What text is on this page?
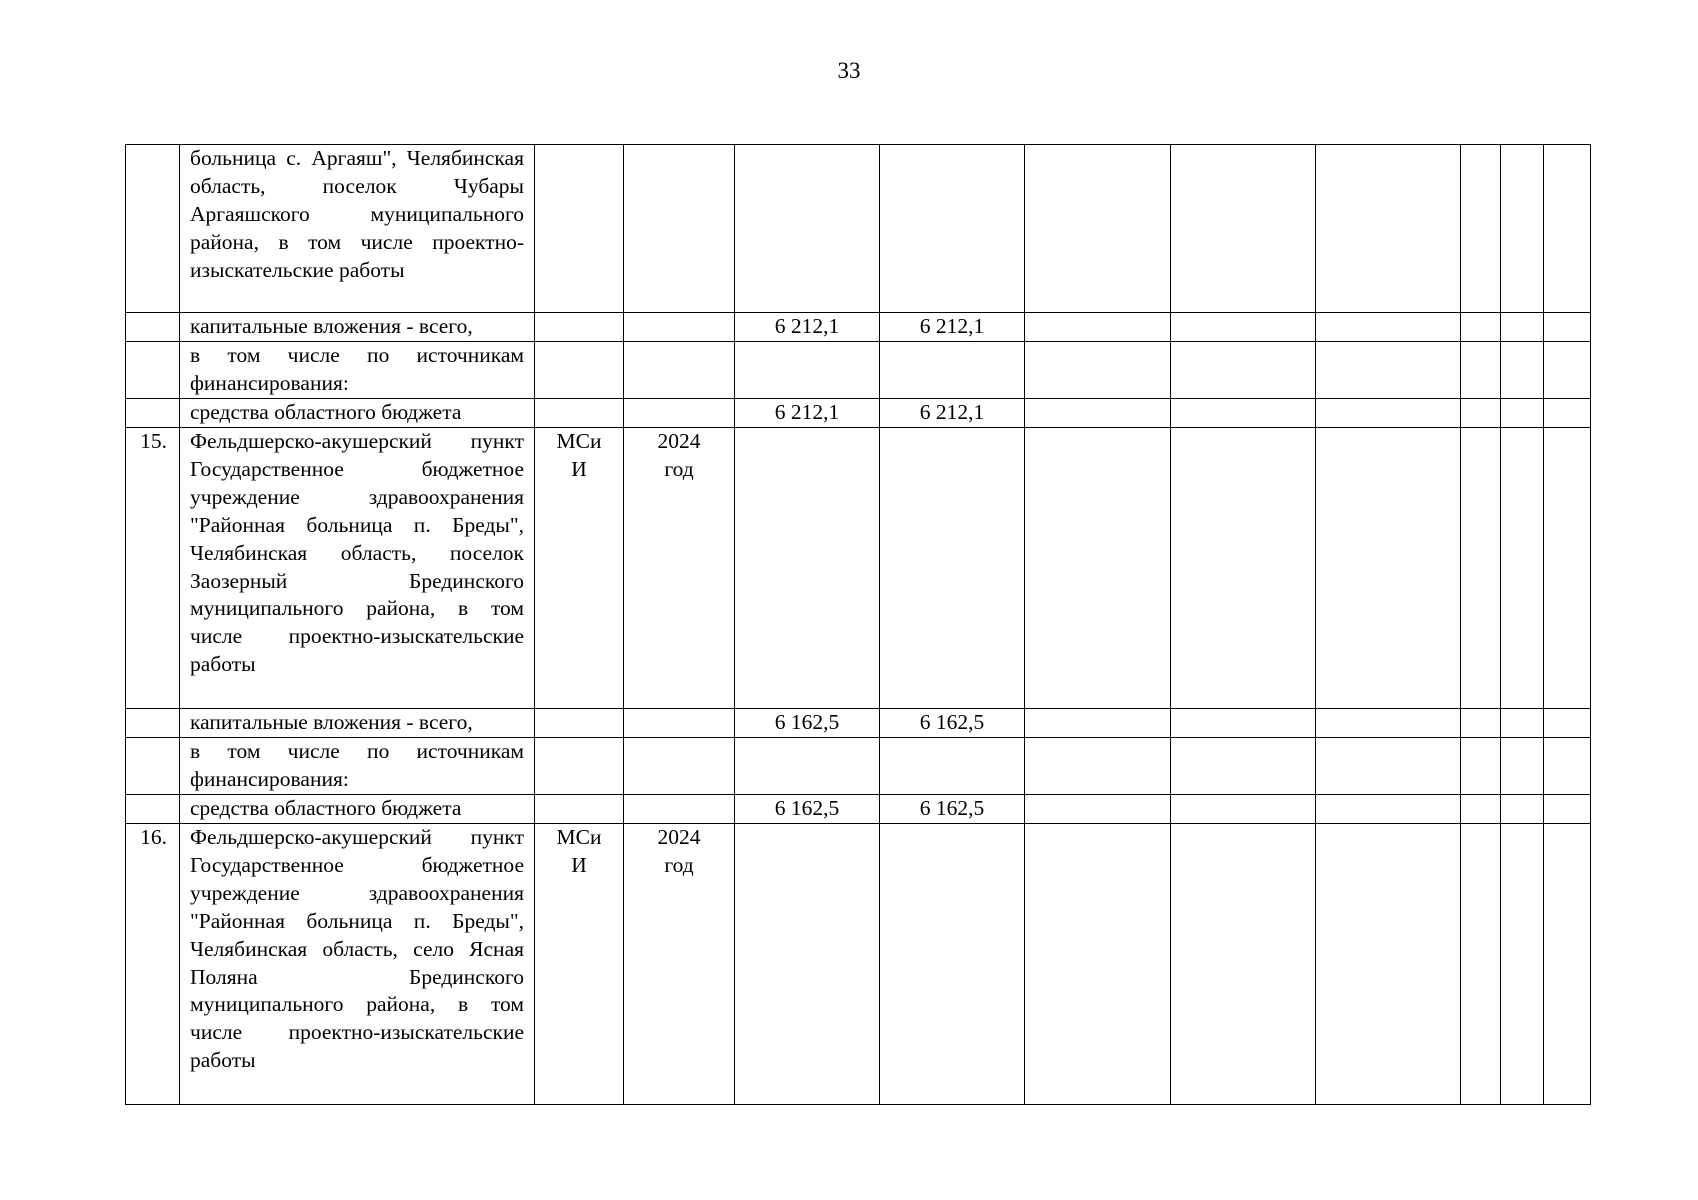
33

	больница с. Аргаяш", Челябинская область, поселок Чубары Аргаяшского муниципального района, в том числе проектно-изыскательские работы										

	капитальные вложения - всего,			6 212,1	6 212,1						

	в том числе по источникам финансирования:										

	средства областного бюджета			6 212,1	6 212,1						
15.	Фельдшерско-акушерский пункт Государственное бюджетное учреждение здравоохранения "Районная больница п. Бреды", Челябинская область, поселок Заозерный Брединского муниципального района, в том числе проектно-изыскательские работы	МСиИ	2024 год								

	капитальные вложения - всего,			6 162,5	6 162,5						

	в том числе по источникам финансирования:										

	средства областного бюджета			6 162,5	6 162,5						
16.	Фельдшерско-акушерский пункт Государственное бюджетное учреждение здравоохранения "Районная больница п. Бреды", Челябинская область, село Ясная Поляна Брединского муниципального района, в том числе проектно-изыскательские работы	МСиИ	2024 год								
